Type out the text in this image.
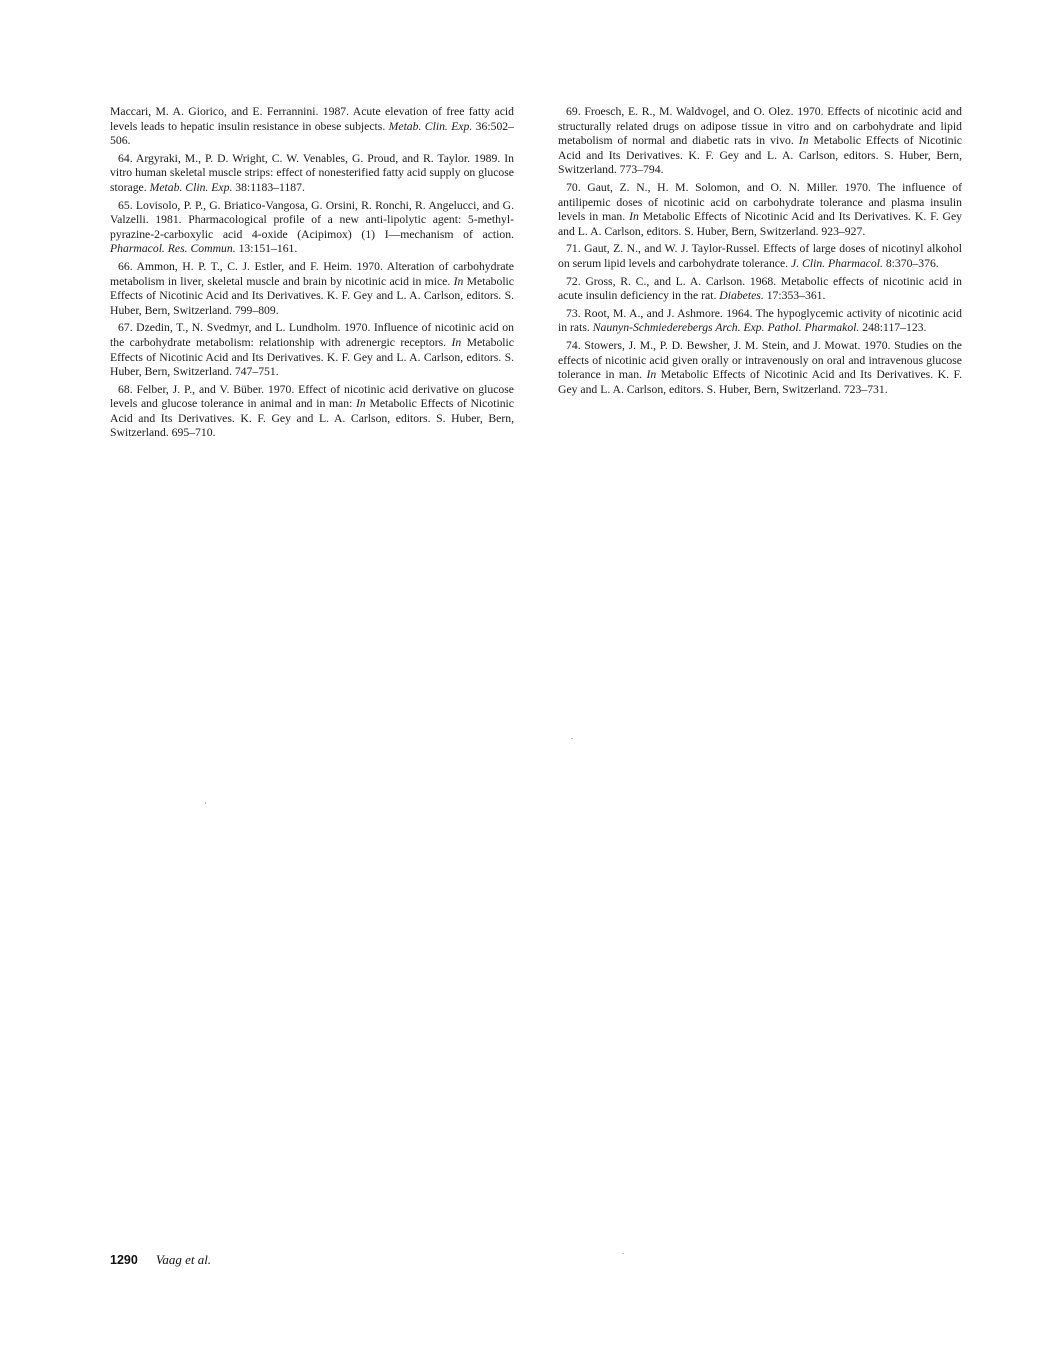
Maccari, M. A. Giorico, and E. Ferrannini. 1987. Acute elevation of free fatty acid levels leads to hepatic insulin resistance in obese subjects. Metab. Clin. Exp. 36:502–506.

64. Argyraki, M., P. D. Wright, C. W. Venables, G. Proud, and R. Taylor. 1989. In vitro human skeletal muscle strips: effect of nonesterified fatty acid supply on glucose storage. Metab. Clin. Exp. 38:1183–1187.

65. Lovisolo, P. P., G. Briatico-Vangosa, G. Orsini, R. Ronchi, R. Angelucci, and G. Valzelli. 1981. Pharmacological profile of a new anti-lipolytic agent: 5-methyl-pyrazine-2-carboxylic acid 4-oxide (Acipimox) (1) I—mechanism of action. Pharmacol. Res. Commun. 13:151–161.

66. Ammon, H. P. T., C. J. Estler, and F. Heim. 1970. Alteration of carbohydrate metabolism in liver, skeletal muscle and brain by nicotinic acid in mice. In Metabolic Effects of Nicotinic Acid and Its Derivatives. K. F. Gey and L. A. Carlson, editors. S. Huber, Bern, Switzerland. 799–809.

67. Dzedin, T., N. Svedmyr, and L. Lundholm. 1970. Influence of nicotinic acid on the carbohydrate metabolism: relationship with adrenergic receptors. In Metabolic Effects of Nicotinic Acid and Its Derivatives. K. F. Gey and L. A. Carlson, editors. S. Huber, Bern, Switzerland. 747–751.

68. Felber, J. P., and V. Büber. 1970. Effect of nicotinic acid derivative on glucose levels and glucose tolerance in animal and in man: In Metabolic Effects of Nicotinic Acid and Its Derivatives. K. F. Gey and L. A. Carlson, editors. S. Huber, Bern, Switzerland. 695–710.

69. Froesch, E. R., M. Waldvogel, and O. Olez. 1970. Effects of nicotinic acid and structurally related drugs on adipose tissue in vitro and on carbohydrate and lipid metabolism of normal and diabetic rats in vivo. In Metabolic Effects of Nicotinic Acid and Its Derivatives. K. F. Gey and L. A. Carlson, editors. S. Huber, Bern, Switzerland. 773–794.

70. Gaut, Z. N., H. M. Solomon, and O. N. Miller. 1970. The influence of antilipemic doses of nicotinic acid on carbohydrate tolerance and plasma insulin levels in man. In Metabolic Effects of Nicotinic Acid and Its Derivatives. K. F. Gey and L. A. Carlson, editors. S. Huber, Bern, Switzerland. 923–927.

71. Gaut, Z. N., and W. J. Taylor-Russel. Effects of large doses of nicotinyl alkohol on serum lipid levels and carbohydrate tolerance. J. Clin. Pharmacol. 8:370–376.

72. Gross, R. C., and L. A. Carlson. 1968. Metabolic effects of nicotinic acid in acute insulin deficiency in the rat. Diabetes. 17:353–361.

73. Root, M. A., and J. Ashmore. 1964. The hypoglycemic activity of nicotinic acid in rats. Naunyn-Schmiederebergs Arch. Exp. Pathol. Pharmakol. 248:117–123.

74. Stowers, J. M., P. D. Bewsher, J. M. Stein, and J. Mowat. 1970. Studies on the effects of nicotinic acid given orally or intravenously on oral and intravenous glucose tolerance in man. In Metabolic Effects of Nicotinic Acid and Its Derivatives. K. F. Gey and L. A. Carlson, editors. S. Huber, Bern, Switzerland. 723–731.

1290 Vaag et al.
